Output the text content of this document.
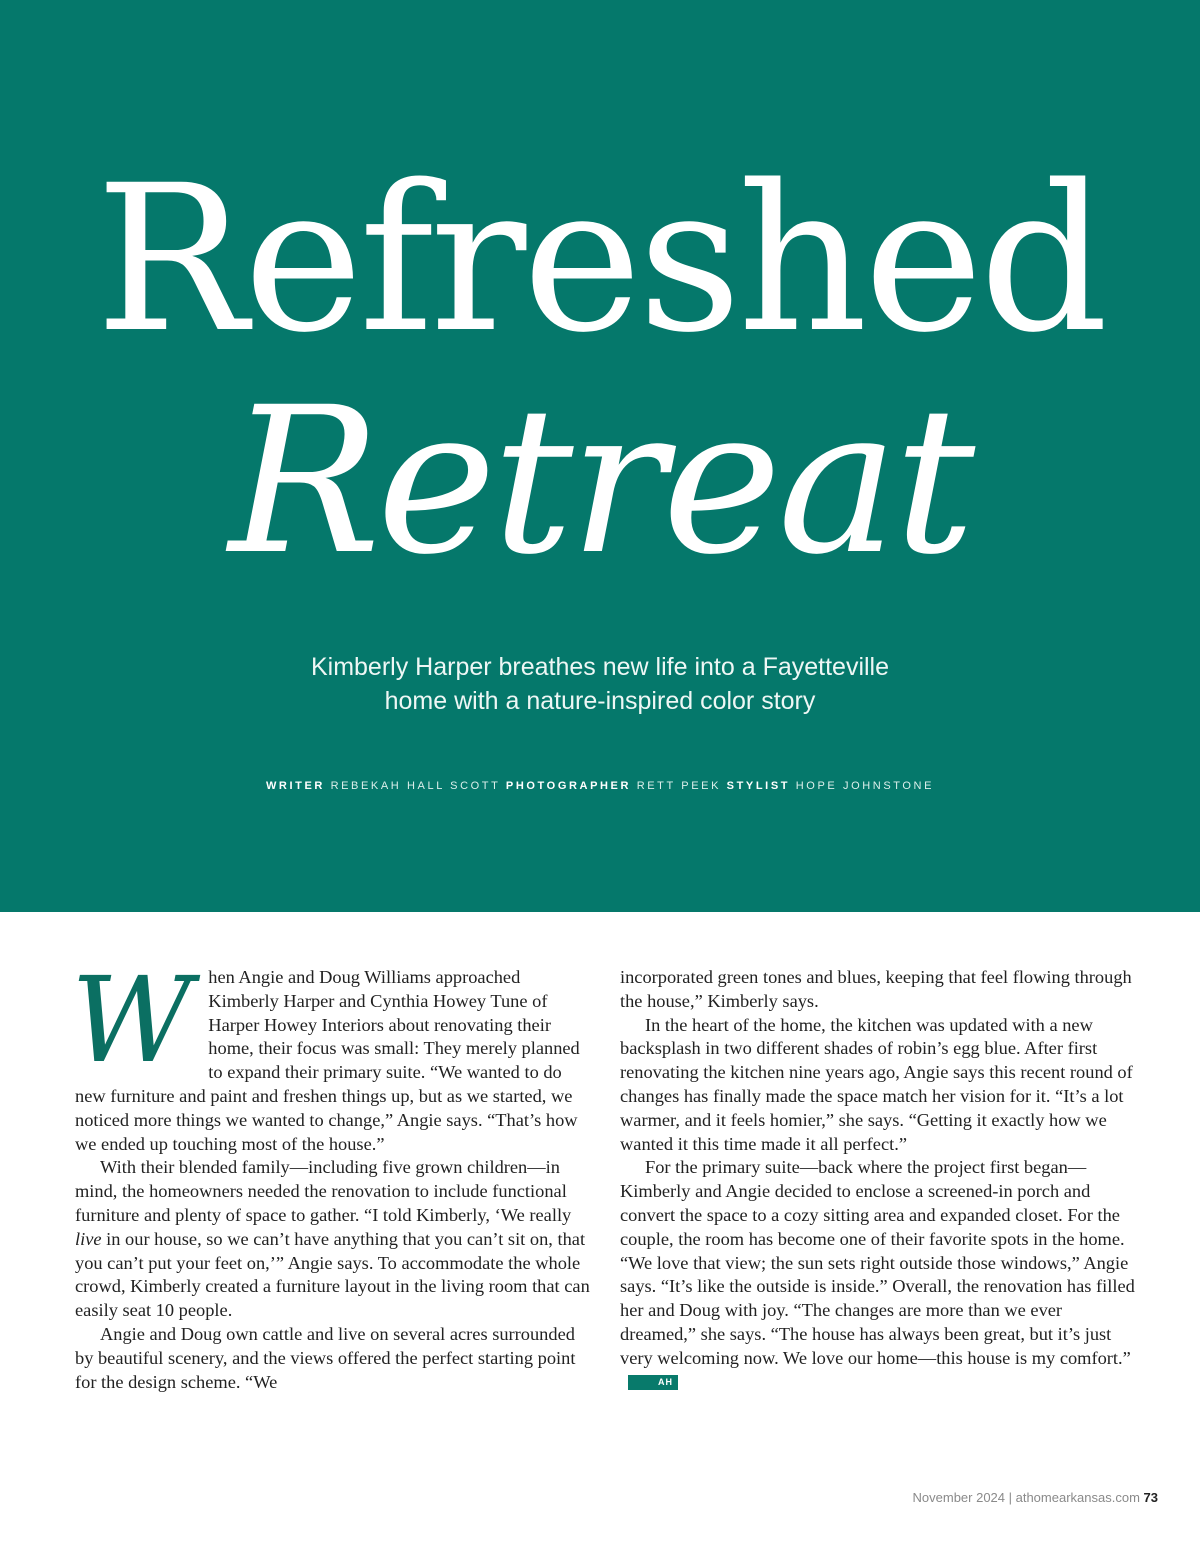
Refreshed
Retreat
Kimberly Harper breathes new life into a Fayetteville
home with a nature-inspired color story
WRITER REBEKAH HALL SCOTT PHOTOGRAPHER RETT PEEK STYLIST HOPE JOHNSTONE

When Angie and Doug Williams approached Kimberly Harper and Cynthia Howey Tune of Harper Howey Interiors about renovating their home, their focus was small: They merely planned to expand their primary suite. “We wanted to do new furniture and paint and freshen things up, but as we started, we noticed more things we wanted to change,” Angie says. “That’s how we ended up touching most of the house.”

With their blended family—including five grown children—in mind, the homeowners needed the renovation to include functional furniture and plenty of space to gather. “I told Kimberly, ‘We really live in our house, so we can’t have anything that you can’t sit on, that you can’t put your feet on,’” Angie says. To accommodate the whole crowd, Kimberly created a furniture layout in the living room that can easily seat 10 people.

Angie and Doug own cattle and live on several acres surrounded by beautiful scenery, and the views offered the perfect starting point for the design scheme. “We

incorporated green tones and blues, keeping that feel flowing through the house,” Kimberly says.

In the heart of the home, the kitchen was updated with a new backsplash in two different shades of robin’s egg blue. After first renovating the kitchen nine years ago, Angie says this recent round of changes has finally made the space match her vision for it. “It’s a lot warmer, and it feels homier,” she says. “Getting it exactly how we wanted it this time made it all perfect.”

For the primary suite—back where the project first began—Kimberly and Angie decided to enclose a screened-in porch and convert the space to a cozy sitting area and expanded closet. For the couple, the room has become one of their favorite spots in the home. “We love that view; the sun sets right outside those windows,” Angie says. “It’s like the outside is inside.” Overall, the renovation has filled her and Doug with joy. “The changes are more than we ever dreamed,” she says. “The house has always been great, but it’s just very welcoming now. We love our home—this house is my comfort.”AH

November 2024 | athomearkansas.com 73
